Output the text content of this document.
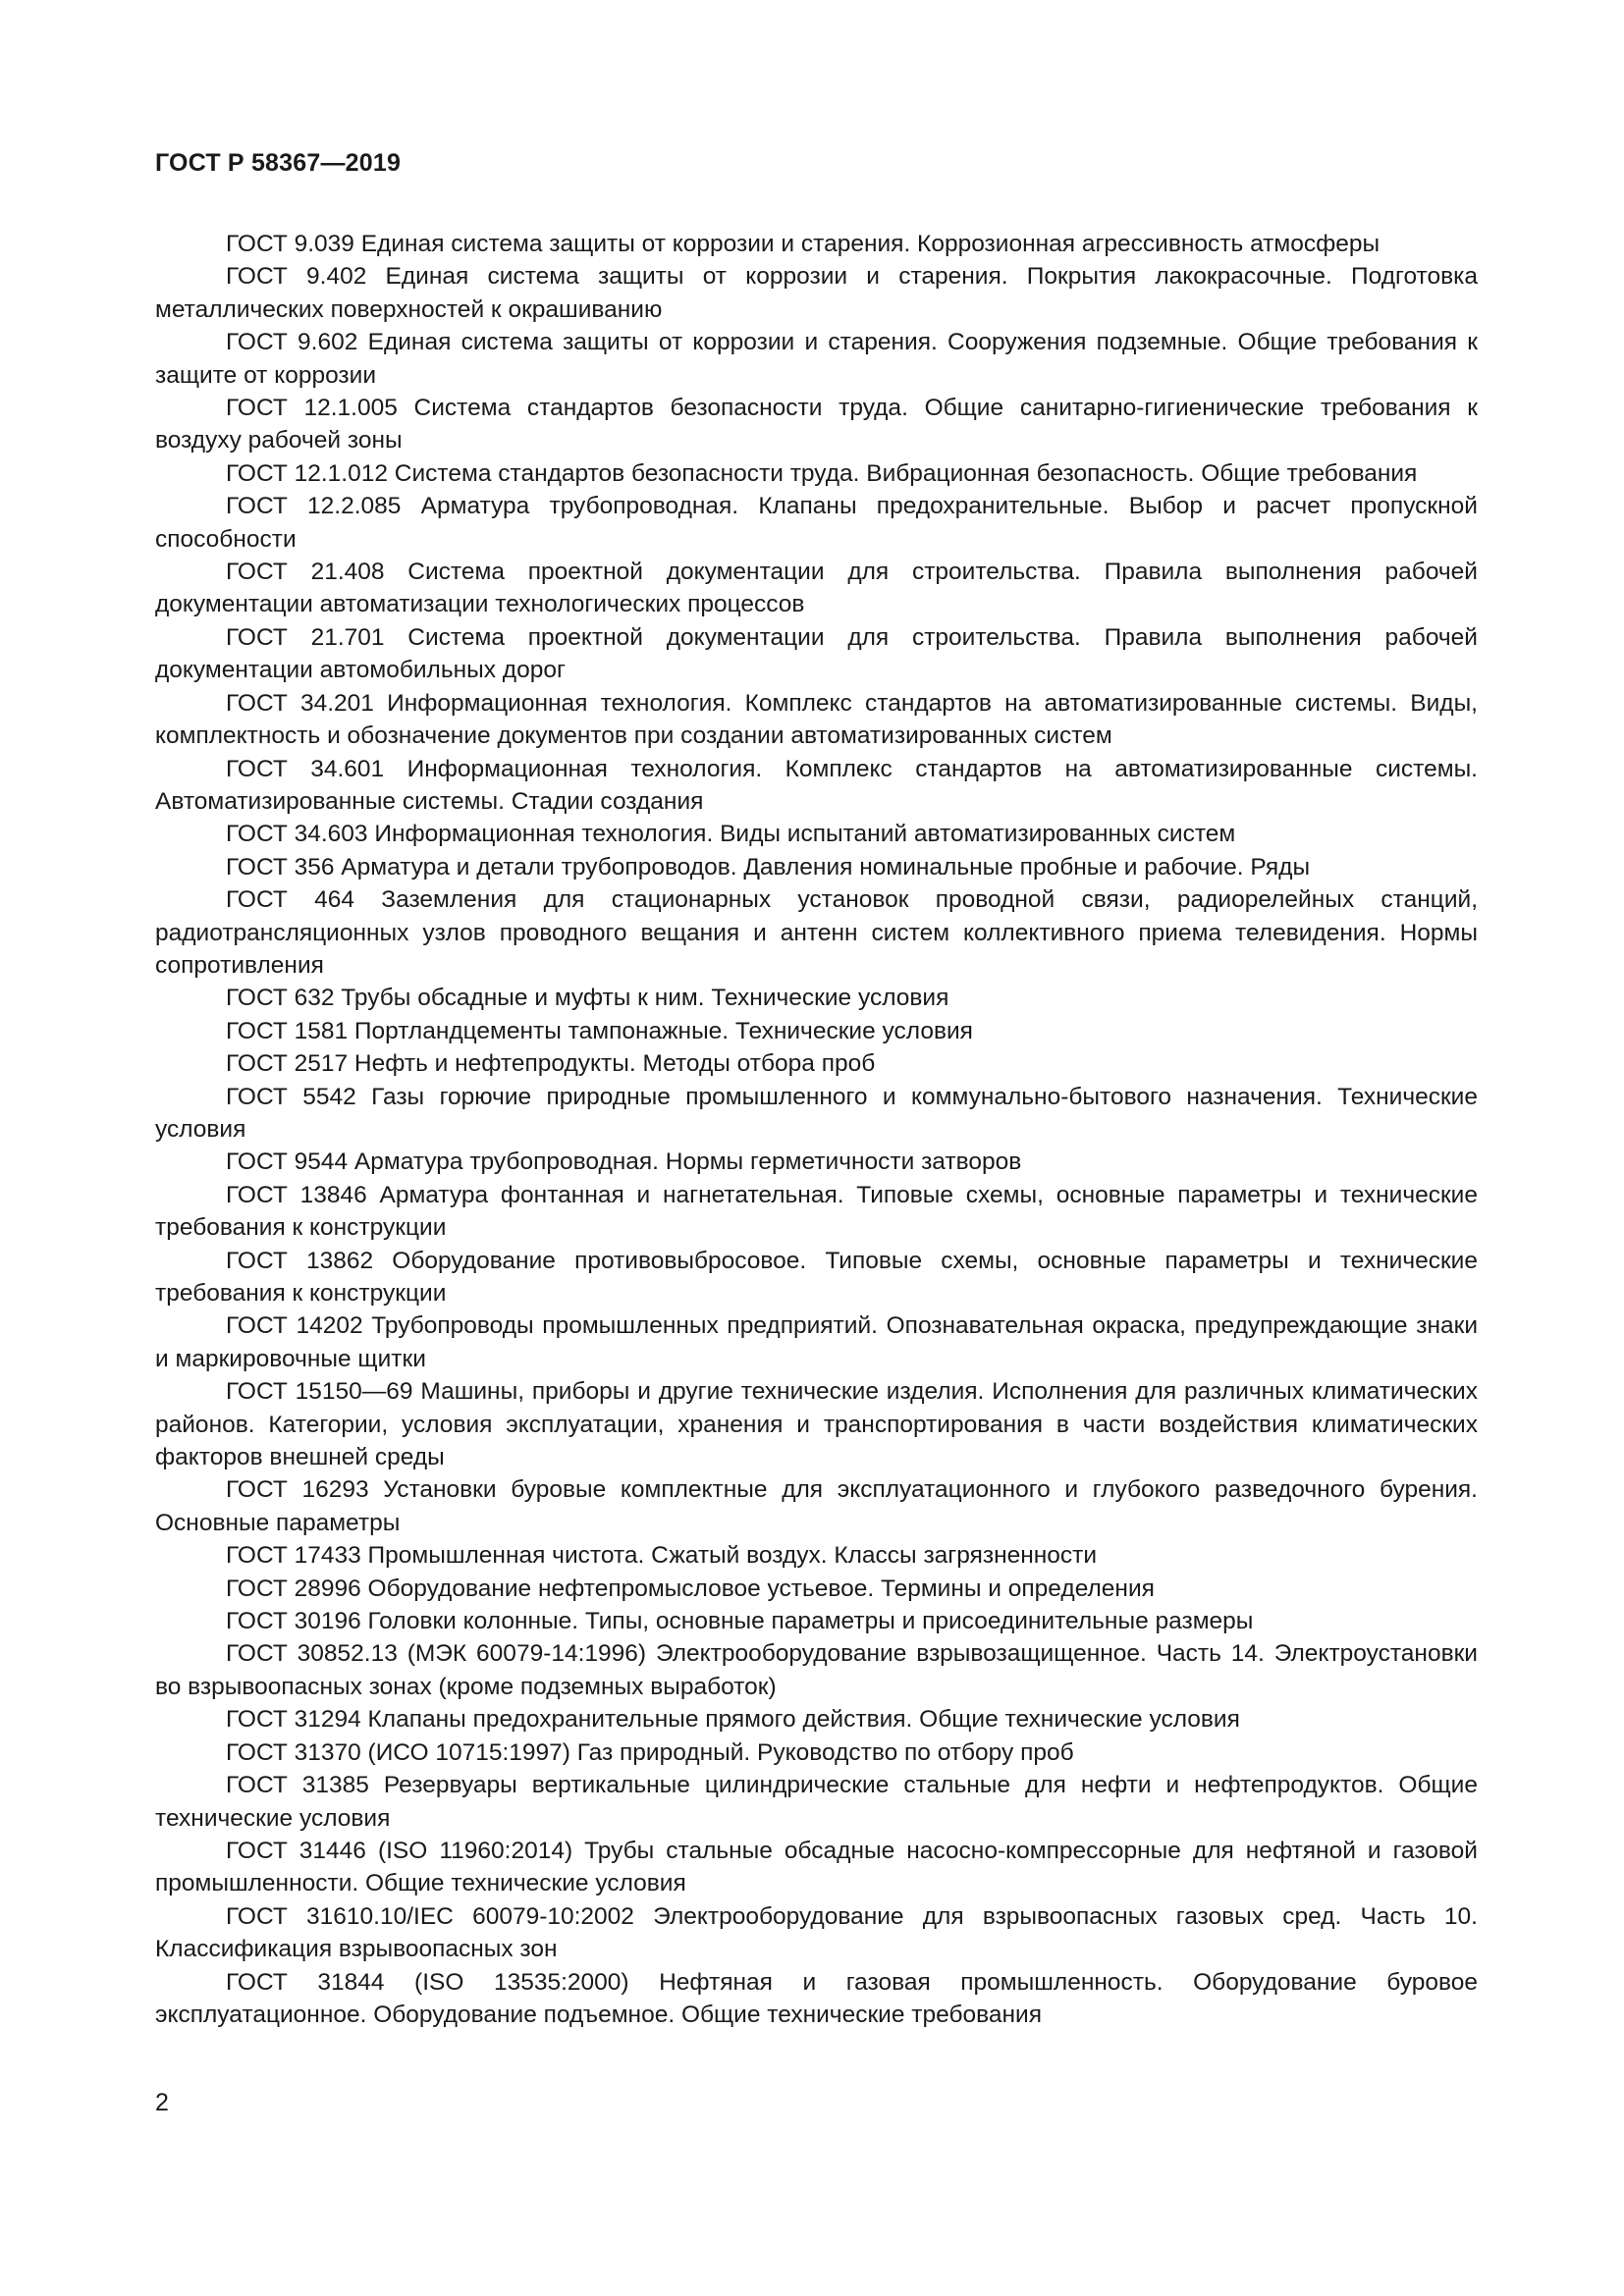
ГОСТ Р 58367—2019

ГОСТ 9.039 Единая система защиты от коррозии и старения. Коррозионная агрессивность атмосферы

ГОСТ 9.402 Единая система защиты от коррозии и старения. Покрытия лакокрасочные. Подготовка металлических поверхностей к окрашиванию

ГОСТ 9.602 Единая система защиты от коррозии и старения. Сооружения подземные. Общие требования к защите от коррозии

ГОСТ 12.1.005 Система стандартов безопасности труда. Общие санитарно-гигиенические требования к воздуху рабочей зоны

ГОСТ 12.1.012 Система стандартов безопасности труда. Вибрационная безопасность. Общие требования

ГОСТ 12.2.085 Арматура трубопроводная. Клапаны предохранительные. Выбор и расчет пропускной способности

ГОСТ 21.408 Система проектной документации для строительства. Правила выполнения рабочей документации автоматизации технологических процессов

ГОСТ 21.701 Система проектной документации для строительства. Правила выполнения рабочей документации автомобильных дорог

ГОСТ 34.201 Информационная технология. Комплекс стандартов на автоматизированные системы. Виды, комплектность и обозначение документов при создании автоматизированных систем

ГОСТ 34.601 Информационная технология. Комплекс стандартов на автоматизированные системы. Автоматизированные системы. Стадии создания

ГОСТ 34.603 Информационная технология. Виды испытаний автоматизированных систем

ГОСТ 356 Арматура и детали трубопроводов. Давления номинальные пробные и рабочие. Ряды

ГОСТ 464 Заземления для стационарных установок проводной связи, радиорелейных станций, радиотрансляционных узлов проводного вещания и антенн систем коллективного приема телевидения. Нормы сопротивления

ГОСТ 632 Трубы обсадные и муфты к ним. Технические условия

ГОСТ 1581 Портландцементы тампонажные. Технические условия

ГОСТ 2517 Нефть и нефтепродукты. Методы отбора проб

ГОСТ 5542 Газы горючие природные промышленного и коммунально-бытового назначения. Технические условия

ГОСТ 9544 Арматура трубопроводная. Нормы герметичности затворов

ГОСТ 13846 Арматура фонтанная и нагнетательная. Типовые схемы, основные параметры и технические требования к конструкции

ГОСТ 13862 Оборудование противовыбросовое. Типовые схемы, основные параметры и технические требования к конструкции

ГОСТ 14202 Трубопроводы промышленных предприятий. Опознавательная окраска, предупреждающие знаки и маркировочные щитки

ГОСТ 15150—69 Машины, приборы и другие технические изделия. Исполнения для различных климатических районов. Категории, условия эксплуатации, хранения и транспортирования в части воздействия климатических факторов внешней среды

ГОСТ 16293 Установки буровые комплектные для эксплуатационного и глубокого разведочного бурения. Основные параметры

ГОСТ 17433 Промышленная чистота. Сжатый воздух. Классы загрязненности

ГОСТ 28996 Оборудование нефтепромысловое устьевое. Термины и определения

ГОСТ 30196 Головки колонные. Типы, основные параметры и присоединительные размеры

ГОСТ 30852.13 (МЭК 60079-14:1996) Электрооборудование взрывозащищенное. Часть 14. Электроустановки во взрывоопасных зонах (кроме подземных выработок)

ГОСТ 31294 Клапаны предохранительные прямого действия. Общие технические условия

ГОСТ 31370 (ИСО 10715:1997) Газ природный. Руководство по отбору проб

ГОСТ 31385 Резервуары вертикальные цилиндрические стальные для нефти и нефтепродуктов. Общие технические условия

ГОСТ 31446 (ISO 11960:2014) Трубы стальные обсадные насосно-компрессорные для нефтяной и газовой промышленности. Общие технические условия

ГОСТ 31610.10/IEC 60079-10:2002 Электрооборудование для взрывоопасных газовых сред. Часть 10. Классификация взрывоопасных зон

ГОСТ 31844 (ISO 13535:2000) Нефтяная и газовая промышленность. Оборудование буровое эксплуатационное. Оборудование подъемное. Общие технические требования

2
